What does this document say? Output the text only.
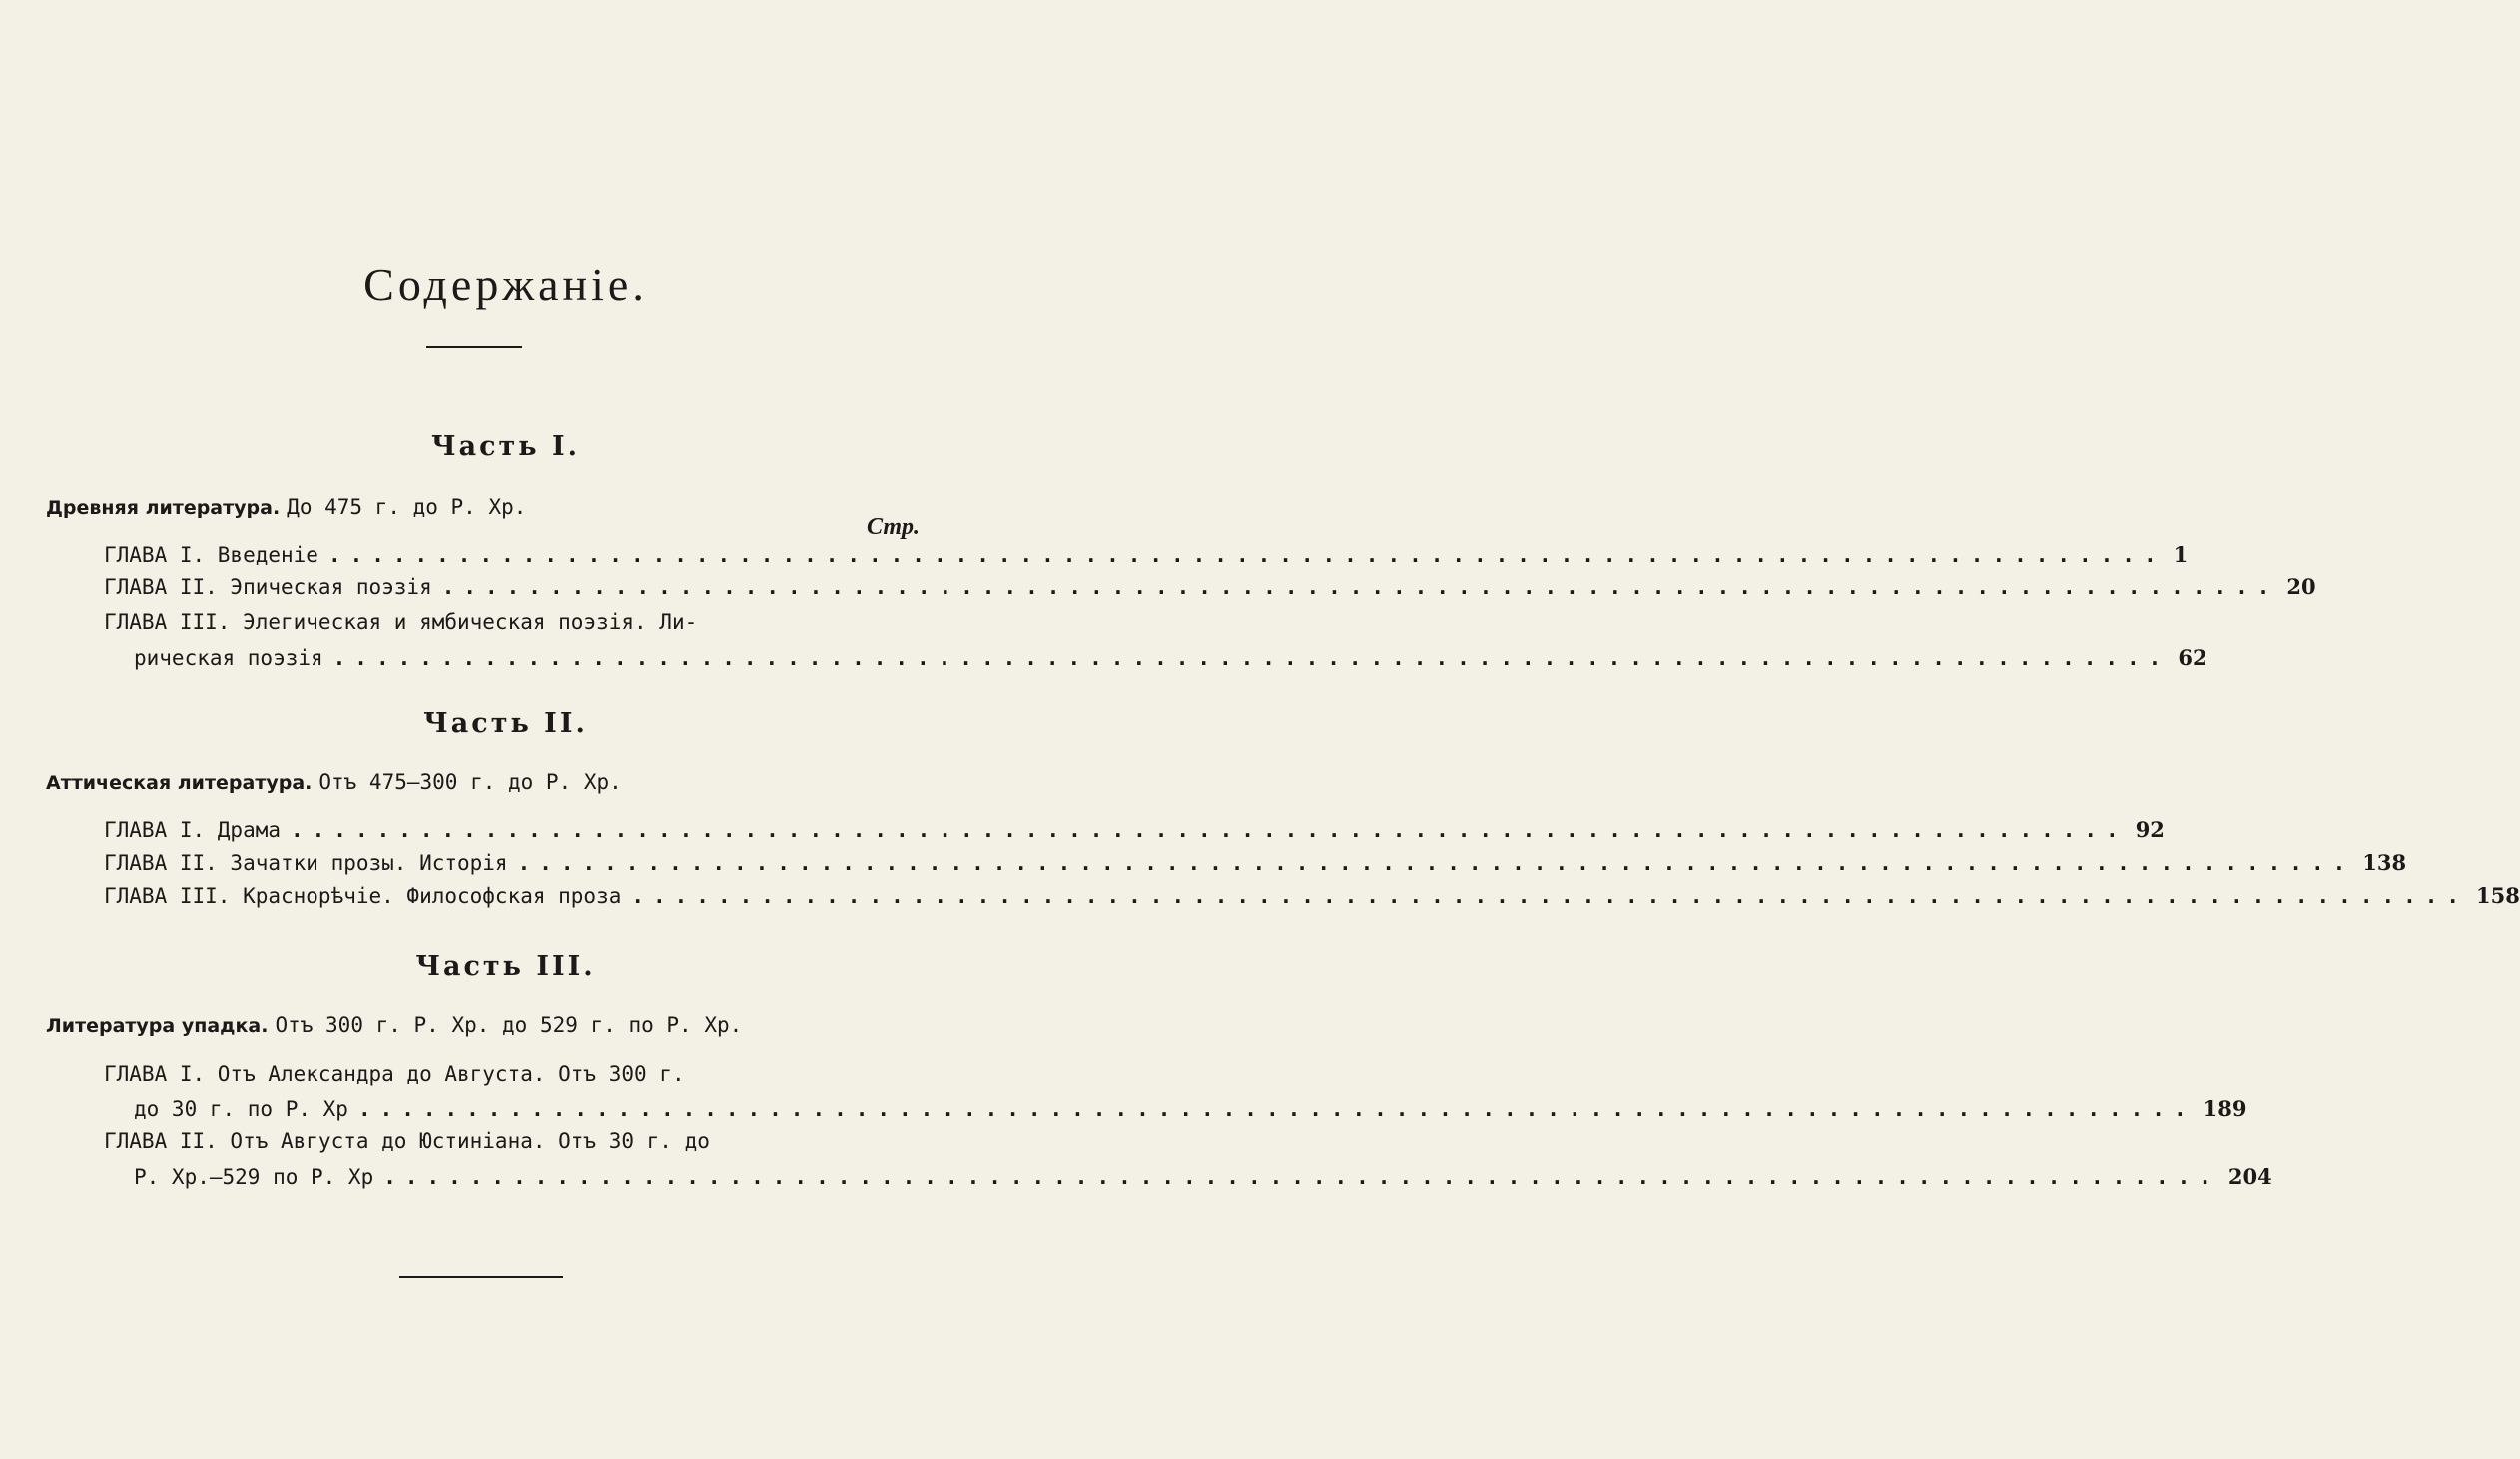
Содержаніе.
Часть I.
Древняя литература. До 475 г. до Р. Хр.
Стр.
ГЛАВА I. Введеніе ..................................................................................... 1
ГЛАВА II. Эпическая поэзія ..................................................................................... 20
ГЛАВА III. Элегическая и ямбическая поэзія. Ли-
рическая поэзія ..................................................................................... 62
Часть II.
Аттическая литература. Отъ 475—300 г. до Р. Хр.
ГЛАВА I. Драма ..................................................................................... 92
ГЛАВА II. Зачатки прозы. Исторія ..................................................................................... 138
ГЛАВА III. Краснорѣчіе. Философская проза ..................................................................................... 158
Часть III.
Литература упадка. Отъ 300 г. Р. Хр. до 529 г. по Р. Хр.
ГЛАВА I. Отъ Александра до Августа. Отъ 300 г.
до 30 г. по Р. Хр ..................................................................................... 189
ГЛАВА II. Отъ Августа до Юстиніана. Отъ 30 г. до
Р. Хр.—529 по Р. Хр ..................................................................................... 204
